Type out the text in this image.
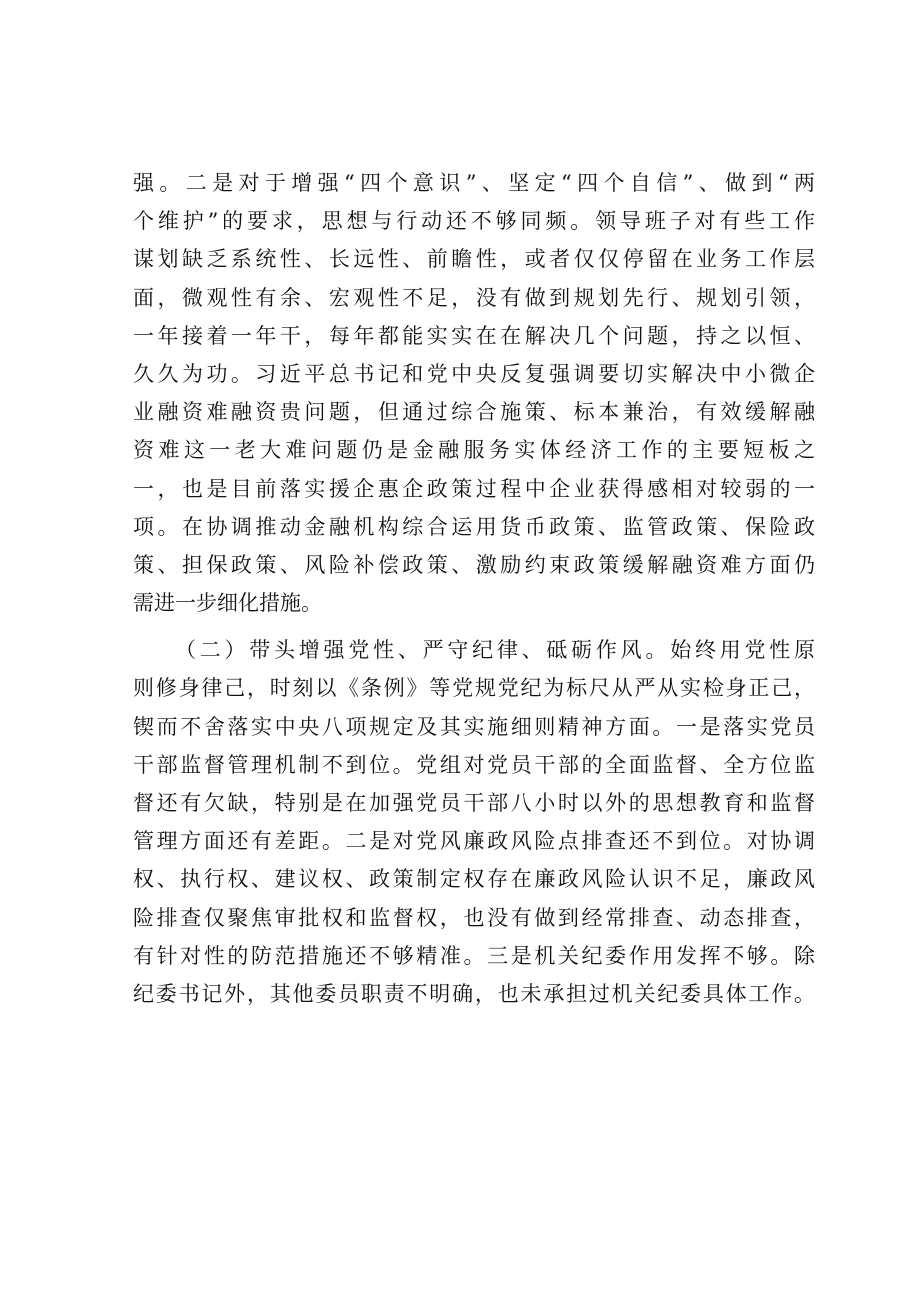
强。二是对于增强“四个意识”、坚定“四个自信”、做到“两
个维护”的要求，思想与行动还不够同频。领导班子对有些工作
谋划缺乏系统性、长远性、前瞻性，或者仅仅停留在业务工作层
面，微观性有余、宏观性不足，没有做到规划先行、规划引领，
一年接着一年干，每年都能实实在在解决几个问题，持之以恒、
久久为功。习近平总书记和党中央反复强调要切实解决中小微企
业融资难融资贵问题，但通过综合施策、标本兼治，有效缓解融
资难这一老大难问题仍是金融服务实体经济工作的主要短板之
一，也是目前落实援企惠企政策过程中企业获得感相对较弱的一
项。在协调推动金融机构综合运用货币政策、监管政策、保险政
策、担保政策、风险补偿政策、激励约束政策缓解融资难方面仍
需进一步细化措施。
（二）带头增强党性、严守纪律、砥砺作风。始终用党性原
则修身律己，时刻以《条例》等党规党纪为标尺从严从实检身正己，
锲而不舍落实中央八项规定及其实施细则精神方面。一是落实党员
干部监督管理机制不到位。党组对党员干部的全面监督、全方位监
督还有欠缺，特别是在加强党员干部八小时以外的思想教育和监督
管理方面还有差距。二是对党风廉政风险点排查还不到位。对协调
权、执行权、建议权、政策制定权存在廉政风险认识不足，廉政风
险排查仅聚焦审批权和监督权，也没有做到经常排查、动态排查，
有针对性的防范措施还不够精准。三是机关纪委作用发挥不够。除
纪委书记外，其他委员职责不明确，也未承担过机关纪委具体工作。
